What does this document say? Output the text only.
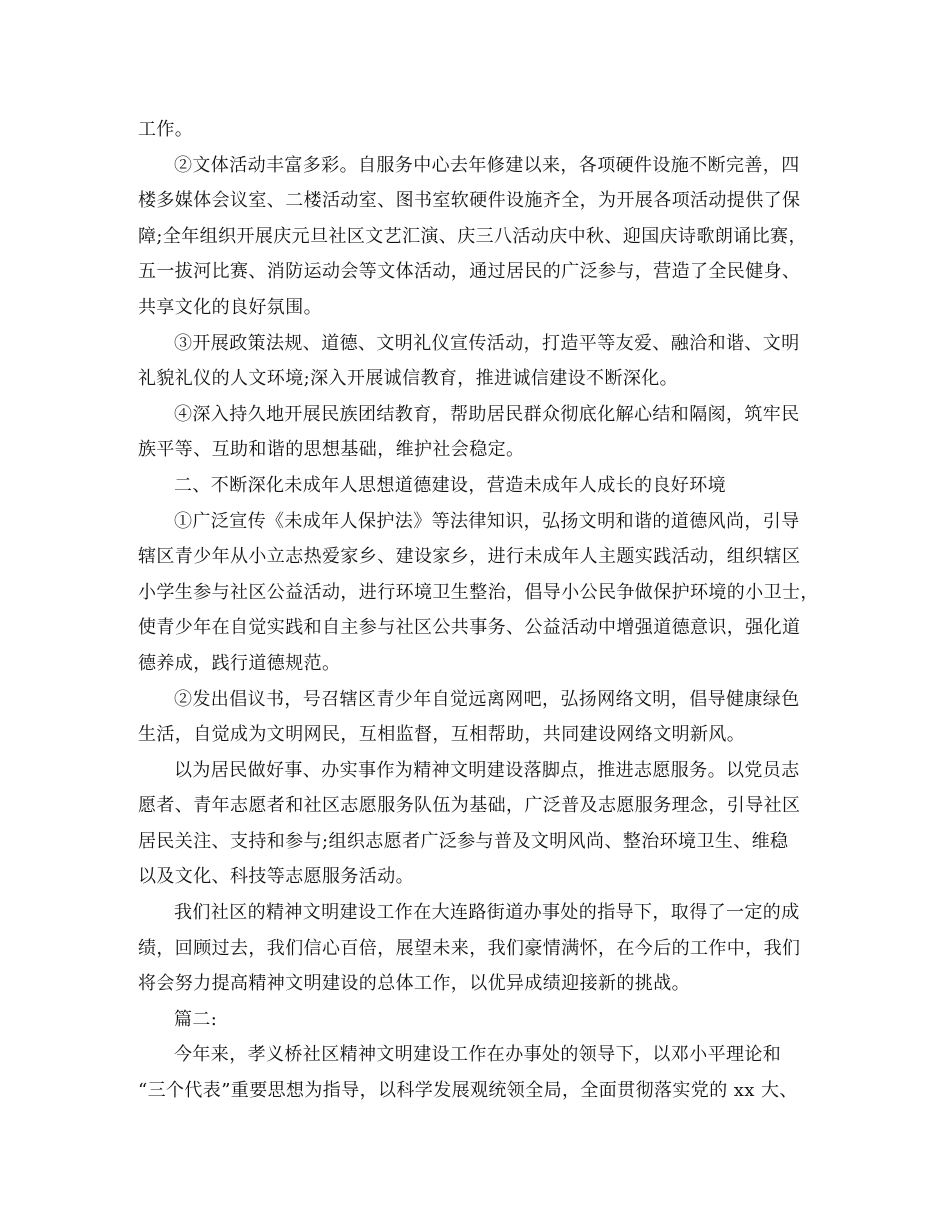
工作。
②文体活动丰富多彩。自服务中心去年修建以来，各项硬件设施不断完善，四
楼多媒体会议室、二楼活动室、图书室软硬件设施齐全，为开展各项活动提供了保
障;全年组织开展庆元旦社区文艺汇演、庆三八活动庆中秋、迎国庆诗歌朗诵比赛，
五一拔河比赛、消防运动会等文体活动，通过居民的广泛参与，营造了全民健身、
共享文化的良好氛围。
③开展政策法规、道德、文明礼仪宣传活动，打造平等友爱、融洽和谐、文明
礼貌礼仪的人文环境;深入开展诚信教育，推进诚信建设不断深化。
④深入持久地开展民族团结教育，帮助居民群众彻底化解心结和隔阂，筑牢民
族平等、互助和谐的思想基础，维护社会稳定。
二、不断深化未成年人思想道德建设，营造未成年人成长的良好环境
①广泛宣传《未成年人保护法》等法律知识，弘扬文明和谐的道德风尚，引导
辖区青少年从小立志热爱家乡、建设家乡，进行未成年人主题实践活动，组织辖区
小学生参与社区公益活动，进行环境卫生整治，倡导小公民争做保护环境的小卫士，
使青少年在自觉实践和自主参与社区公共事务、公益活动中增强道德意识，强化道
德养成，践行道德规范。
②发出倡议书，号召辖区青少年自觉远离网吧，弘扬网络文明，倡导健康绿色
生活，自觉成为文明网民，互相监督，互相帮助，共同建设网络文明新风。
以为居民做好事、办实事作为精神文明建设落脚点，推进志愿服务。以党员志
愿者、青年志愿者和社区志愿服务队伍为基础，广泛普及志愿服务理念，引导社区
居民关注、支持和参与;组织志愿者广泛参与普及文明风尚、整治环境卫生、维稳
以及文化、科技等志愿服务活动。
我们社区的精神文明建设工作在大连路街道办事处的指导下，取得了一定的成
绩，回顾过去，我们信心百倍，展望未来，我们豪情满怀，在今后的工作中，我们
将会努力提高精神文明建设的总体工作，以优异成绩迎接新的挑战。
篇二:
今年来，孝义桥社区精神文明建设工作在办事处的领导下，以邓小平理论和
“三个代表”重要思想为指导，以科学发展观统领全局，全面贯彻落实党的 xx 大、
